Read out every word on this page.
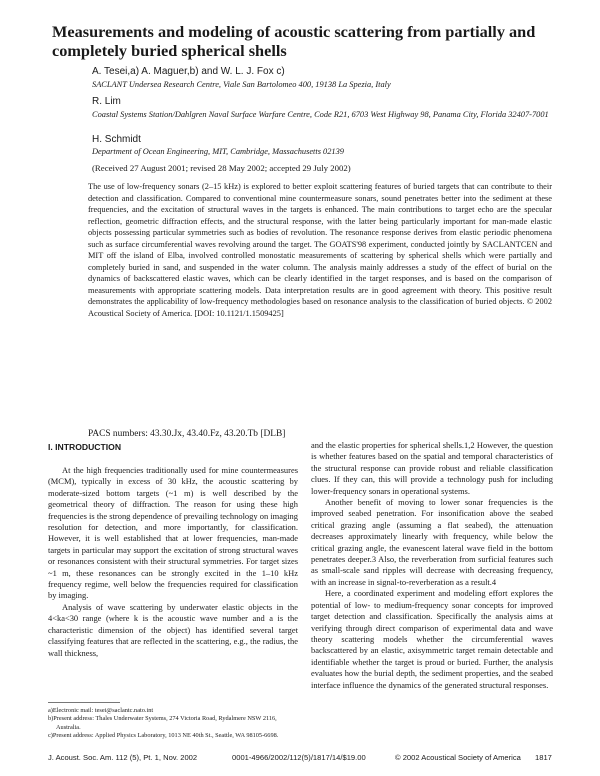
Measurements and modeling of acoustic scattering from partially and completely buried spherical shells
A. Tesei,a) A. Maguer,b) and W. L. J. Fox c)
SACLANT Undersea Research Centre, Viale San Bartolomeo 400, 19138 La Spezia, Italy
R. Lim
Coastal Systems Station/Dahlgren Naval Surface Warfare Centre, Code R21, 6703 West Highway 98, Panama City, Florida 32407-7001
H. Schmidt
Department of Ocean Engineering, MIT, Cambridge, Massachusetts 02139
(Received 27 August 2001; revised 28 May 2002; accepted 29 July 2002)

The use of low-frequency sonars (2–15 kHz) is explored to better exploit scattering features of buried targets that can contribute to their detection and classification. Compared to conventional mine countermeasure sonars, sound penetrates better into the sediment at these frequencies, and the excitation of structural waves in the targets is enhanced. The main contributions to target echo are the specular reflection, geometric diffraction effects, and the structural response, with the latter being particularly important for man-made elastic objects possessing particular symmetries such as bodies of revolution. The resonance response derives from elastic periodic phenomena such as surface circumferential waves revolving around the target. The GOATS'98 experiment, conducted jointly by SACLANTCEN and MIT off the island of Elba, involved controlled monostatic measurements of scattering by spherical shells which were partially and completely buried in sand, and suspended in the water column. The analysis mainly addresses a study of the effect of burial on the dynamics of backscattered elastic waves, which can be clearly identified in the target responses, and is based on the comparison of measurements with appropriate scattering models. Data interpretation results are in good agreement with theory. This positive result demonstrates the applicability of low-frequency methodologies based on resonance analysis to the classification of buried objects. © 2002 Acoustical Society of America. [DOI: 10.1121/1.1509425]

PACS numbers: 43.30.Jx, 43.40.Fz, 43.20.Tb [DLB]
I. INTRODUCTION

At the high frequencies traditionally used for mine countermeasures (MCM), typically in excess of 30 kHz, the acoustic scattering by moderate-sized bottom targets (~1 m) is well described by the geometrical theory of diffraction. The reason for using these high frequencies is the strong dependence of prevailing technology on imaging resolution for detection, and more importantly, for classification. However, it is well established that at lower frequencies, man-made targets in particular may support the excitation of strong structural waves or resonances consistent with their structural symmetries. For target sizes ~1 m, these resonances can be strongly excited in the 1–10 kHz frequency regime, well below the frequencies required for classification by imaging.

Analysis of wave scattering by underwater elastic objects in the 4<ka<30 range (where k is the acoustic wave number and a is the characteristic dimension of the object) has identified several target classifying features that are reflected in the scattering, e.g., the radius, the wall thickness,

a)Electronic mail: tesei@saclantc.nato.int
b)Present address: Thales Underwater Systems, 274 Victoria Road, Rydalmere NSW 2116, Australia.
c)Present address: Applied Physics Laboratory, 1013 NE 40th St., Seattle, WA 98105-6698.

and the elastic properties for spherical shells.1,2 However, the question is whether features based on the spatial and temporal characteristics of the structural response can provide robust and reliable classification clues. If they can, this will provide a technology push for including lower-frequency sonars in operational systems.

Another benefit of moving to lower sonar frequencies is the improved seabed penetration. For insonification above the seabed critical grazing angle (assuming a flat seabed), the attenuation decreases approximately linearly with frequency, while below the critical grazing angle, the evanescent lateral wave field in the bottom penetrates deeper.3 Also, the reverberation from surficial features such as small-scale sand ripples will decrease with decreasing frequency, with an increase in signal-to-reverberation as a result.4

Here, a coordinated experiment and modeling effort explores the potential of low- to medium-frequency sonar concepts for improved target detection and classification. Specifically the analysis aims at verifying through direct comparison of experimental data and wave theory scattering models whether the circumferential waves backscattered by an elastic, axisymmetric target remain detectable and identifiable whether the target is proud or buried. Further, the analysis evaluates how the burial depth, the sediment properties, and the seabed interface influence the dynamics of the generated structural responses.

J. Acoust. Soc. Am. 112 (5), Pt. 1, Nov. 2002	0001-4966/2002/112(5)/1817/14/$19.00	© 2002 Acoustical Society of America 1817
